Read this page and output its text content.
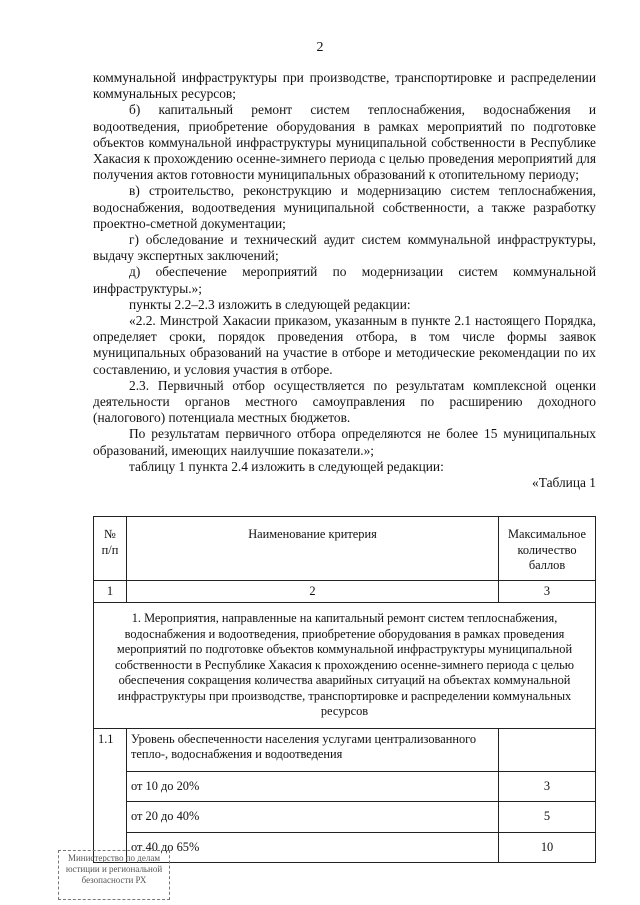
2

коммунальной инфраструктуры при производстве, транспортировке и распределении коммунальных ресурсов;

б) капитальный ремонт систем теплоснабжения, водоснабжения и водоотведения, приобретение оборудования в рамках мероприятий по подготовке объектов коммунальной инфраструктуры муниципальной собственности в Республике Хакасия к прохождению осенне-зимнего периода с целью проведения мероприятий для получения актов готовности муниципальных образований к отопительному периоду;

в) строительство, реконструкцию и модернизацию систем теплоснабжения, водоснабжения, водоотведения муниципальной собственности, а также разработку проектно-сметной документации;

г) обследование и технический аудит систем коммунальной инфраструктуры, выдачу экспертных заключений;

д) обеспечение мероприятий по модернизации систем коммунальной инфраструктуры.»;

пункты 2.2–2.3 изложить в следующей редакции:

«2.2. Минстрой Хакасии приказом, указанным в пункте 2.1 настоящего Порядка, определяет сроки, порядок проведения отбора, в том числе формы заявок муниципальных образований на участие в отборе и методические рекомендации по их составлению, и условия участия в отборе.

2.3. Первичный отбор осуществляется по результатам комплексной оценки деятельности органов местного самоуправления по расширению доходного (налогового) потенциала местных бюджетов.

По результатам первичного отбора определяются не более 15 муниципальных образований, имеющих наилучшие показатели.»;

таблицу 1 пункта 2.4 изложить в следующей редакции:

«Таблица 1

№ п/п	Наименование критерия	Максимальное количество баллов
1	2	3
1. Мероприятия, направленные на капитальный ремонт систем теплоснабжения, водоснабжения и водоотведения, приобретение оборудования в рамках проведения мероприятий по подготовке объектов коммунальной инфраструктуры муниципальной собственности в Республике Хакасия к прохождению осенне-зимнего периода с целью обеспечения сокращения количества аварийных ситуаций на объектах коммунальной инфраструктуры при производстве, транспортировке и распределении коммунальных ресурсов		
1.1	Уровень обеспеченности населения услугами централизованного тепло-, водоснабжения и водоотведения	
	от 10 до 20%	3
	от 20 до 40%	5
	от 40 до 65%	10
Министерство по делам
юстиции и региональной
безопасности РХ
